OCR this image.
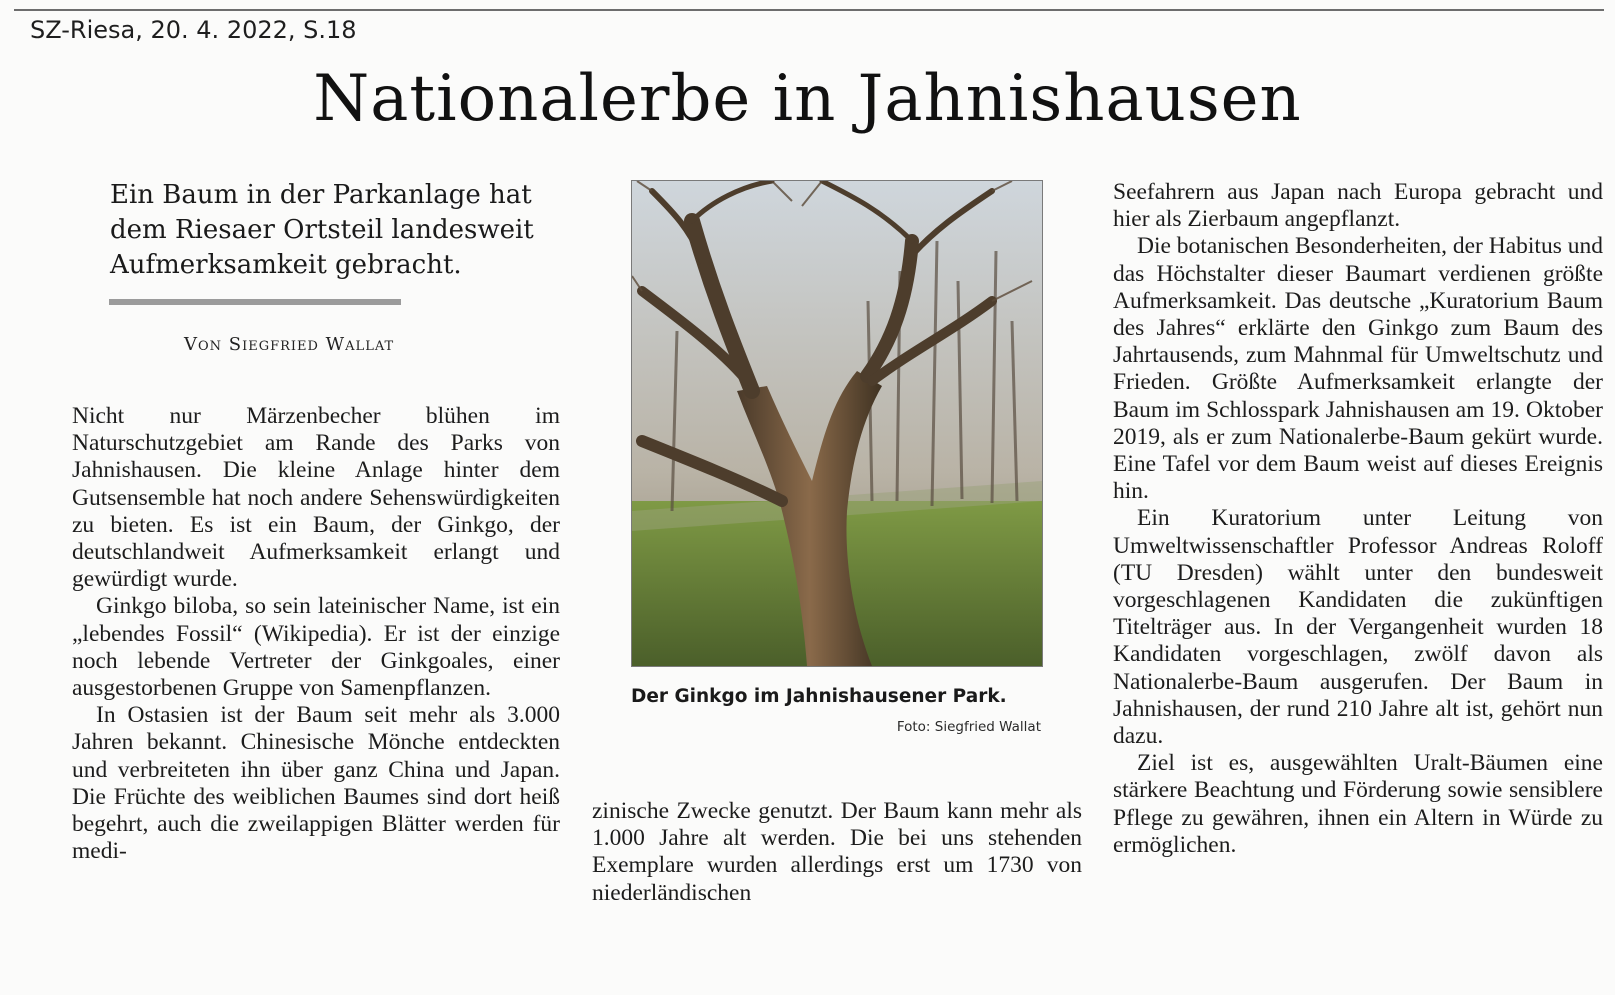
SZ-Riesa, 20. 4. 2022, S.18
Nationalerbe in Jahnishausen
Ein Baum in der Parkanlage hat dem Riesaer Ortsteil landesweit Aufmerksamkeit gebracht.
Von Siegfried Wallat

Nicht nur Märzenbecher blühen im Naturschutzgebiet am Rande des Parks von Jahnishausen. Die kleine Anlage hinter dem Gutsensemble hat noch andere Sehenswürdigkeiten zu bieten. Es ist ein Baum, der Ginkgo, der deutschlandweit Aufmerksamkeit erlangt und gewürdigt wurde.

Ginkgo biloba, so sein lateinischer Name, ist ein „lebendes Fossil“ (Wikipedia). Er ist der einzige noch lebende Vertreter der Ginkgoales, einer ausgestorbenen Gruppe von Samenpflanzen.

In Ostasien ist der Baum seit mehr als 3.000 Jahren bekannt. Chinesische Mönche entdeckten und verbreiteten ihn über ganz China und Japan. Die Früchte des weiblichen Baumes sind dort heiß begehrt, auch die zweilappigen Blätter werden für medi-

Der Ginkgo im Jahnishausener Park.
Foto: Siegfried Wallat

zinische Zwecke genutzt. Der Baum kann mehr als 1.000 Jahre alt werden. Die bei uns stehenden Exemplare wurden allerdings erst um 1730 von niederländischen

Seefahrern aus Japan nach Europa gebracht und hier als Zierbaum angepflanzt.

Die botanischen Besonderheiten, der Habitus und das Höchstalter dieser Baumart verdienen größte Aufmerksamkeit. Das deutsche „Kuratorium Baum des Jahres“ erklärte den Ginkgo zum Baum des Jahrtausends, zum Mahnmal für Umweltschutz und Frieden. Größte Aufmerksamkeit erlangte der Baum im Schlosspark Jahnishausen am 19. Oktober 2019, als er zum Nationalerbe-Baum gekürt wurde. Eine Tafel vor dem Baum weist auf dieses Ereignis hin.

Ein Kuratorium unter Leitung von Umweltwissenschaftler Professor Andreas Roloff (TU Dresden) wählt unter den bundesweit vorgeschlagenen Kandidaten die zukünftigen Titelträger aus. In der Vergangenheit wurden 18 Kandidaten vorgeschlagen, zwölf davon als Nationalerbe-Baum ausgerufen. Der Baum in Jahnishausen, der rund 210 Jahre alt ist, gehört nun dazu.

Ziel ist es, ausgewählten Uralt-Bäumen eine stärkere Beachtung und Förderung sowie sensiblere Pflege zu gewähren, ihnen ein Altern in Würde zu ermöglichen.
